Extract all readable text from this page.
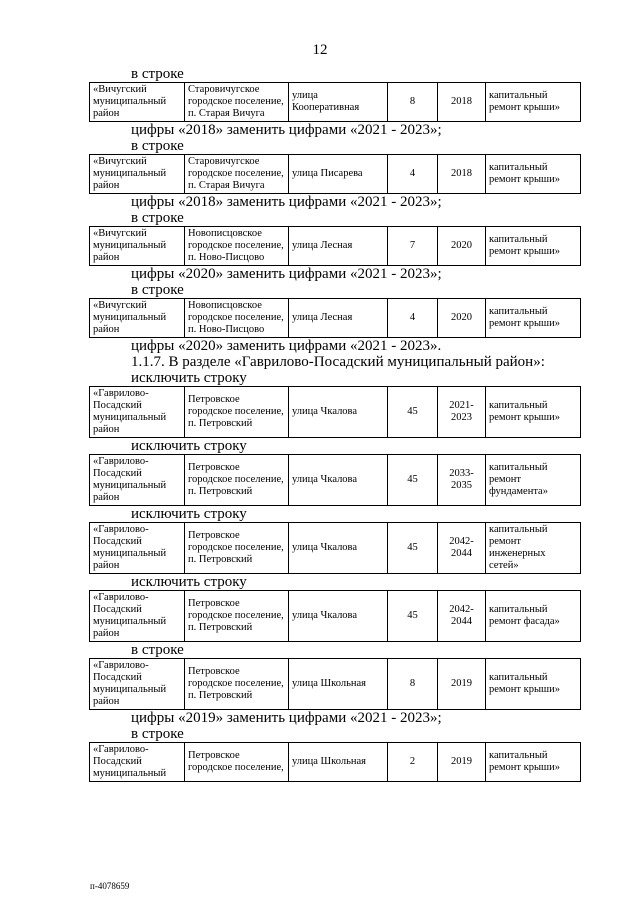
12
в строке
«Вичугский муниципальный район	Старовичугское городское поселение, п. Старая Вичуга	улица Кооперативная	8	2018	капитальный ремонт крыши»
цифры «2018» заменить цифрами «2021 - 2023»;
в строке
«Вичугский муниципальный район	Старовичугское городское поселение, п. Старая Вичуга	улица Писарева	4	2018	капитальный ремонт крыши»
цифры «2018» заменить цифрами «2021 - 2023»;
в строке
«Вичугский муниципальный район	Новописцовское городское поселение, п. Ново-Писцово	улица Лесная	7	2020	капитальный ремонт крыши»
цифры «2020» заменить цифрами «2021 - 2023»;
в строке
«Вичугский муниципальный район	Новописцовское городское поселение, п. Ново-Писцово	улица Лесная	4	2020	капитальный ремонт крыши»
цифры «2020» заменить цифрами «2021 - 2023».
1.1.7. В разделе «Гаврилово-Посадский муниципальный район»:
исключить строку
«Гаврилово-Посадский муниципальный район	Петровское городское поселение, п. Петровский	улица Чкалова	45	2021-2023	капитальный ремонт крыши»
исключить строку
«Гаврилово-Посадский муниципальный район	Петровское городское поселение, п. Петровский	улица Чкалова	45	2033-2035	капитальный ремонт фундамента»
исключить строку
«Гаврилово-Посадский муниципальный район	Петровское городское поселение, п. Петровский	улица Чкалова	45	2042-2044	капитальный ремонт инженерных сетей»
исключить строку
«Гаврилово-Посадский муниципальный район	Петровское городское поселение, п. Петровский	улица Чкалова	45	2042-2044	капитальный ремонт фасада»
в строке
«Гаврилово-Посадский муниципальный район	Петровское городское поселение, п. Петровский	улица Школьная	8	2019	капитальный ремонт крыши»
цифры «2019» заменить цифрами «2021 - 2023»;
в строке
«Гаврилово-Посадский муниципальный	Петровское городское поселение,	улица Школьная	2	2019	капитальный ремонт крыши»
п-4078659
